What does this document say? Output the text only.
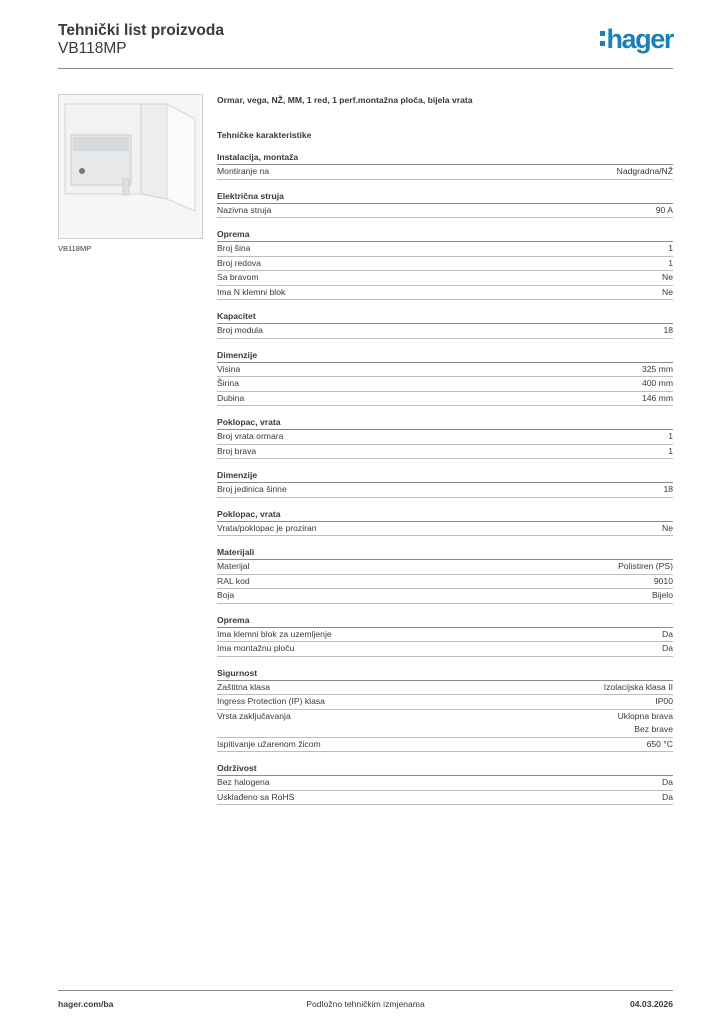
Tehnički list proizvoda
VB118MP	hager
VB118MP
Ormar, vega, NŽ, MM, 1 red, 1 perf.montažna ploča, bijela vrata
Tehničke karakteristike
Instalacija, montaža
Montiranje na	Nadgradna/NŽ
Električna struja
Nazivna struja	90 A
Oprema
Broj šina	1
Broj redova	1
Sa bravom	Ne
Ima N klemni blok	Ne
Kapacitet
Broj modula	18
Dimenzije
Visina	325 mm
Širina	400 mm
Dubina	146 mm
Poklopac, vrata
Broj vrata ormara	1
Broj brava	1
Dimenzije
Broj jedinica širine	18
Poklopac, vrata
Vrata/poklopac je proziran	Ne
Materijali
Materijal	Polistiren (PS)
RAL kod	9010
Boja	Bijelo
Oprema
Ima klemni blok za uzemljenje	Da
Ima montažnu ploču	Da
Sigurnost
Zaštitna klasa	Izolacijska klasa II
Ingress Protection (IP) klasa	IP00
Vrsta zaključavanja	Uklopna brava
Bez brave
Ispitivanje užarenom žicom	650 °C
Održivost
Bez halogena	Da
Usklađeno sa RoHS	Da
hager.com/ba	Podložno tehničkim izmjenama	04.03.2026
